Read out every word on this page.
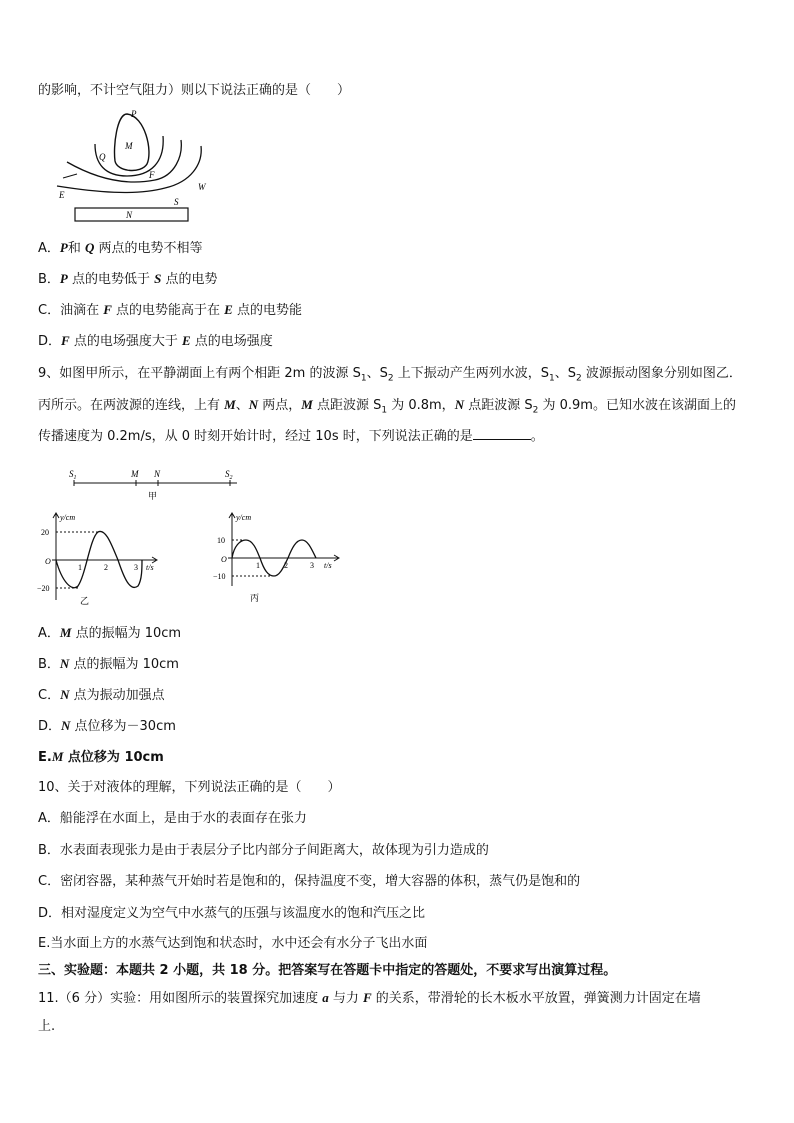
的影响，不计空气阻力）则以下说法正确的是（　　）
P
M
Q
F
W
E
S
N
A．P和 Q 两点的电势不相等
B．P 点的电势低于 S 点的电势
C．油滴在 F 点的电势能高于在 E 点的电势能
D．F 点的电场强度大于 E 点的电场强度
9、如图甲所示，在平静湖面上有两个相距 2m 的波源 $S_1$、$S_2$ 上下振动产生两列水波，$S_1$、$S_2$ 波源振动图象分别如图乙．
丙所示。在两波源的连线，上有 M、N 两点，M 点距波源 $S_1$ 为 0.8m，N 点距波源 $S_2$ 为 0.9m。已知水波在该湖面上的
传播速度为 0.2m/s，从 0 时刻开始计时，经过 10s 时，下列说法正确的是	。
$S_1$	M N	$S_2$
甲
y/cm
t/s
O
20
−20
1	2	3
乙
y/cm
t/s
O
10
−10
1	2	3
丙
A．M 点的振幅为 10cm
B．N 点的振幅为 10cm
C．N 点为振动加强点
D．N 点位移为－30cm
E.M 点位移为 10cm
10、关于对液体的理解，下列说法正确的是（　　）
A．船能浮在水面上，是由于水的表面存在张力
B．水表面表现张力是由于表层分子比内部分子间距离大，故体现为引力造成的
C．密闭容器，某种蒸气开始时若是饱和的，保持温度不变，增大容器的体积，蒸气仍是饱和的
D．相对湿度定义为空气中水蒸气的压强与该温度水的饱和汽压之比
E.当水面上方的水蒸气达到饱和状态时，水中还会有水分子飞出水面
三、实验题：本题共 2 小题，共 18 分。把答案写在答题卡中指定的答题处，不要求写出演算过程。
11.（6 分）实验：用如图所示的装置探究加速度 a 与力 F 的关系，带滑轮的长木板水平放置，弹簧测力计固定在墙
上.
